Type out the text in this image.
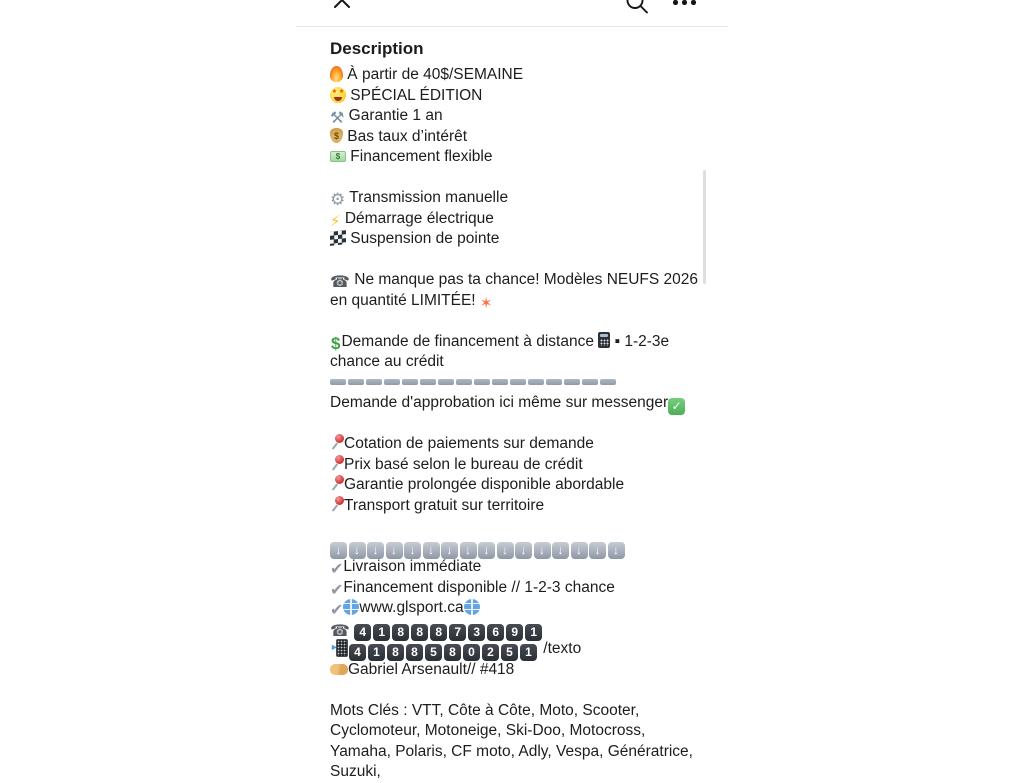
Description
À partir de 40$/SEMAINE
★ ★ SPÉCIAL ÉDITION
⚒ Garantie 1 an
$ Bas taux d’intérêt
$ Financement flexible
⚙ Transmission manuelle
⚡ Démarrage électrique
Suspension de pointe
☎ Ne manque pas ta chance! Modèles NEUFS 2026
en quantité LIMITÉE! ✶
$Demande de financement à distance  ▪ 1-2-3e
chance au crédit
Demande d'approbation ici même sur messenger✓
Cotation de paiements sur demande
Prix basé selon le bureau de crédit
Garantie prolongée disponible abordable
Transport gratuit sur territoire
↓↓↓↓↓↓↓↓↓↓↓↓↓↓↓↓
✔Livraison immédiate
✔Financement disponible // 1-2-3 chance
✔ www.glsport.ca
☎ 4 1 8 8 8 7 3 6 9 1
►4 1 8 8 5 8 0 2 5 1 /texto
Gabriel Arsenault// #418
Mots Clés : VTT, Côte à Côte, Moto, Scooter,
Cyclomoteur, Motoneige, Ski-Doo, Motocross,
Yamaha, Polaris, CF moto, Adly, Vespa, Génératrice,
Suzuki,
